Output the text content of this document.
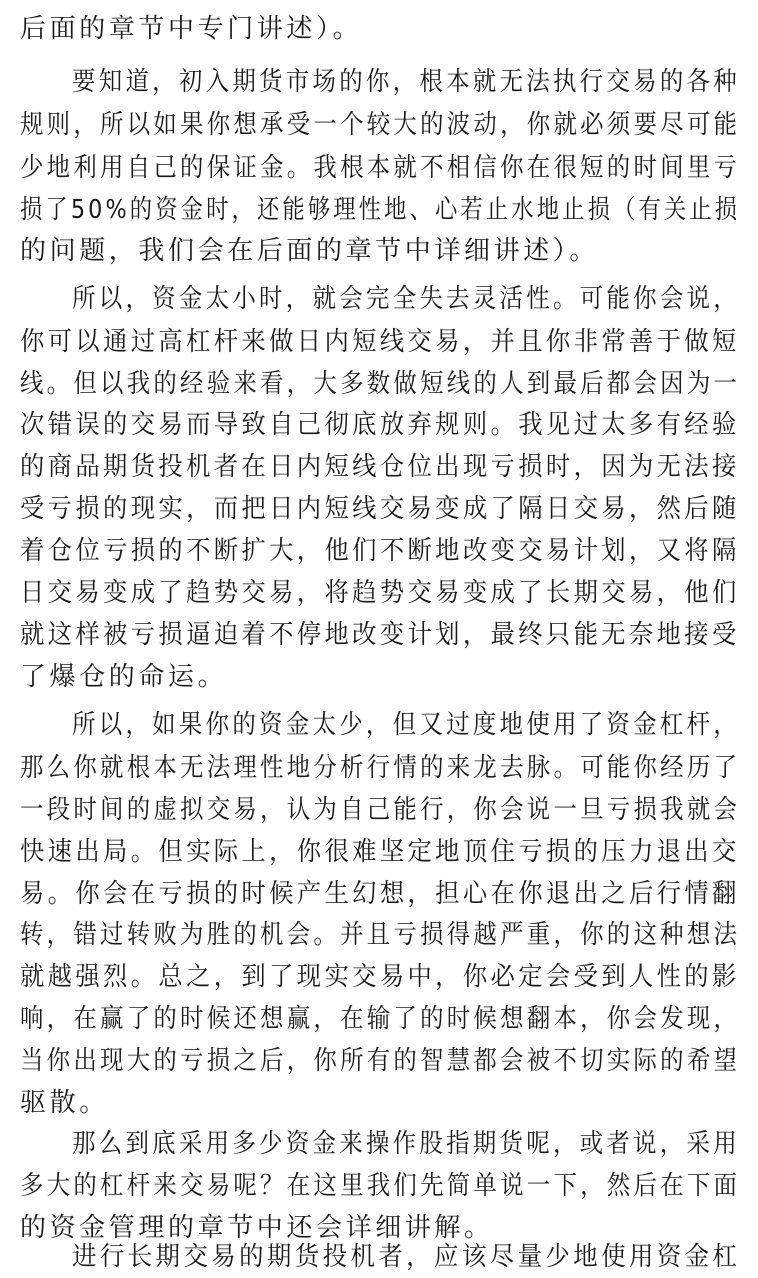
后面的章节中专门讲述）。
要知道，初入期货市场的你，根本就无法执行交易的各种
规则，所以如果你想承受一个较大的波动，你就必须要尽可能
少地利用自己的保证金。我根本就不相信你在很短的时间里亏
损了50%的资金时，还能够理性地、心若止水地止损（有关止损
的问题，我们会在后面的章节中详细讲述）。
所以，资金太小时，就会完全失去灵活性。可能你会说，
你可以通过高杠杆来做日内短线交易，并且你非常善于做短
线。但以我的经验来看，大多数做短线的人到最后都会因为一
次错误的交易而导致自己彻底放弃规则。我见过太多有经验
的商品期货投机者在日内短线仓位出现亏损时，因为无法接
受亏损的现实，而把日内短线交易变成了隔日交易，然后随
着仓位亏损的不断扩大，他们不断地改变交易计划，又将隔
日交易变成了趋势交易，将趋势交易变成了长期交易，他们
就这样被亏损逼迫着不停地改变计划，最终只能无奈地接受
了爆仓的命运。
所以，如果你的资金太少，但又过度地使用了资金杠杆，
那么你就根本无法理性地分析行情的来龙去脉。可能你经历了
一段时间的虚拟交易，认为自己能行，你会说一旦亏损我就会
快速出局。但实际上，你很难坚定地顶住亏损的压力退出交
易。你会在亏损的时候产生幻想，担心在你退出之后行情翻
转，错过转败为胜的机会。并且亏损得越严重，你的这种想法
就越强烈。总之，到了现实交易中，你必定会受到人性的影
响，在赢了的时候还想赢，在输了的时候想翻本，你会发现，
当你出现大的亏损之后，你所有的智慧都会被不切实际的希望
驱散。
那么到底采用多少资金来操作股指期货呢，或者说，采用
多大的杠杆来交易呢？在这里我们先简单说一下，然后在下面
的资金管理的章节中还会详细讲解。
进行长期交易的期货投机者，应该尽量少地使用资金杠
